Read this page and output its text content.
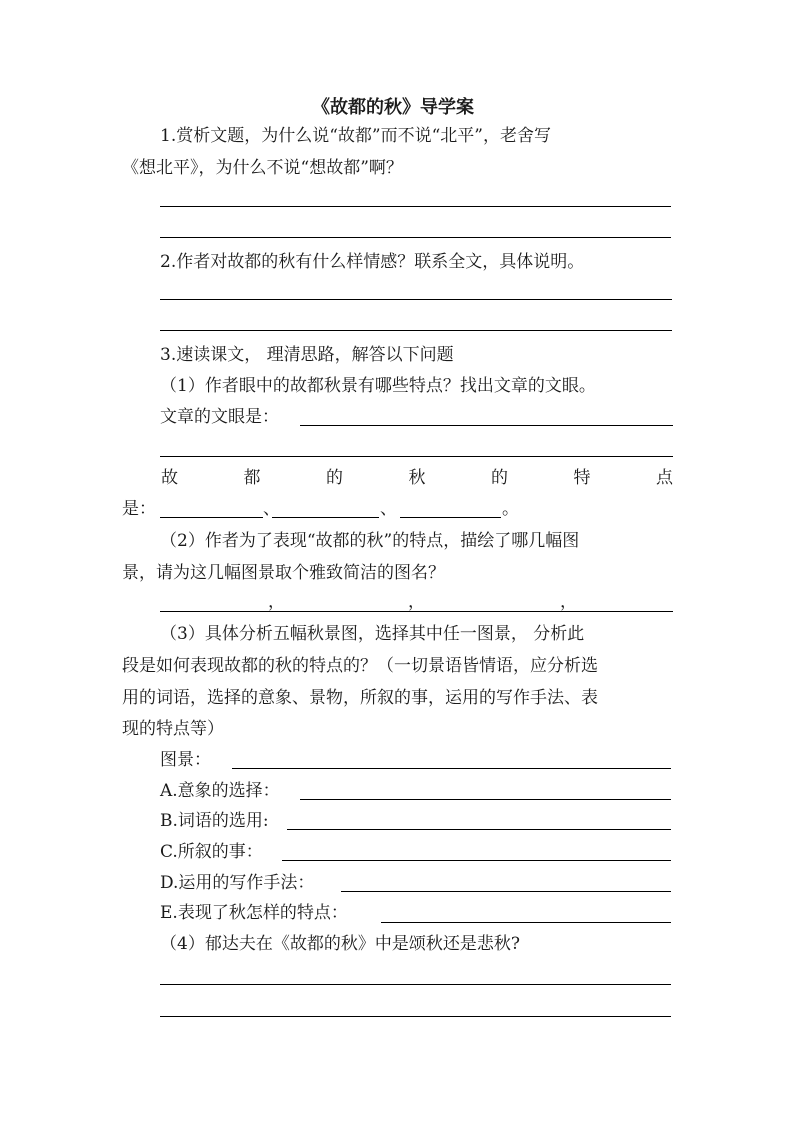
《故都的秋》导学案
1.赏析文题，为什么说“故都”而不说“北平”，老舍写
《想北平》，为什么不说“想故都”啊？
2.作者对故都的秋有什么样情感？联系全文，具体说明。
3.速读课文， 理清思路，解答以下问题
（1）作者眼中的故都秋景有哪些特点？找出文章的文眼。
文章的文眼是：
故	都	的	秋	的	特	点
是：	、	、	。
（2）作者为了表现“故都的秋”的特点，描绘了哪几幅图
景，请为这几幅图景取个雅致简洁的图名？
，	，	，
（3）具体分析五幅秋景图，选择其中任一图景， 分析此
段是如何表现故都的秋的特点的？（一切景语皆情语，应分析选
用的词语，选择的意象、景物，所叙的事，运用的写作手法、表
现的特点等）
图景：
A.意象的选择：
B.词语的选用:
C.所叙的事：
D.运用的写作手法：
E.表现了秋怎样的特点：
（4）郁达夫在《故都的秋》中是颂秋还是悲秋?
